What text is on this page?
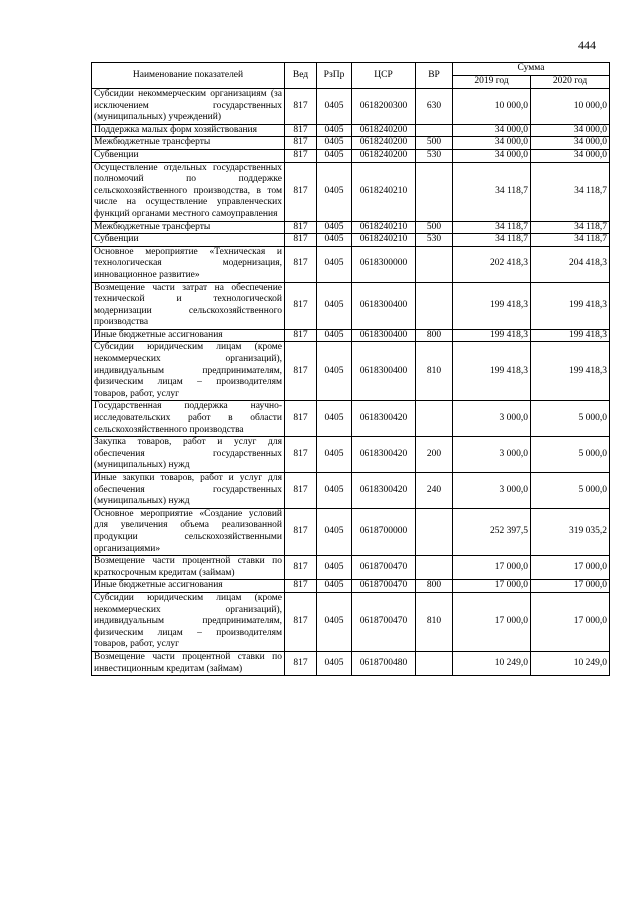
444
Наименование показателей	Вед	РзПр	ЦСР	ВР	Сумма	
					2019 год	2020 год
Субсидии некоммерческим организациям (за исключением государственных (муниципальных) учреждений)	817	0405	0618200300	630	10 000,0	10 000,0
Поддержка малых форм хозяйствования	817	0405	0618240200		34 000,0	34 000,0
Межбюджетные трансферты	817	0405	0618240200	500	34 000,0	34 000,0
Субвенции	817	0405	0618240200	530	34 000,0	34 000,0
Осуществление отдельных государственных полномочий по поддержке сельскохозяйственного производства, в том числе на осуществление управленческих функций органами местного самоуправления	817	0405	0618240210		34 118,7	34 118,7
Межбюджетные трансферты	817	0405	0618240210	500	34 118,7	34 118,7
Субвенции	817	0405	0618240210	530	34 118,7	34 118,7
Основное мероприятие «Техническая и технологическая модернизация, инновационное развитие»	817	0405	0618300000		202 418,3	204 418,3
Возмещение части затрат на обеспечение технической и технологической модернизации сельскохозяйственного производства	817	0405	0618300400		199 418,3	199 418,3
Иные бюджетные ассигнования	817	0405	0618300400	800	199 418,3	199 418,3
Субсидии юридическим лицам (кроме некоммерческих организаций), индивидуальным предпринимателям, физическим лицам – производителям товаров, работ, услуг	817	0405	0618300400	810	199 418,3	199 418,3
Государственная поддержка научно-исследовательских работ в области сельскохозяйственного производства	817	0405	0618300420		3 000,0	5 000,0
Закупка товаров, работ и услуг для обеспечения государственных (муниципальных) нужд	817	0405	0618300420	200	3 000,0	5 000,0
Иные закупки товаров, работ и услуг для обеспечения государственных (муниципальных) нужд	817	0405	0618300420	240	3 000,0	5 000,0
Основное мероприятие «Создание условий для увеличения объема реализованной продукции сельскохозяйственными организациями»	817	0405	0618700000		252 397,5	319 035,2
Возмещение части процентной ставки по краткосрочным кредитам (займам)	817	0405	0618700470		17 000,0	17 000,0
Иные бюджетные ассигнования	817	0405	0618700470	800	17 000,0	17 000,0
Субсидии юридическим лицам (кроме некоммерческих организаций), индивидуальным предпринимателям, физическим лицам – производителям товаров, работ, услуг	817	0405	0618700470	810	17 000,0	17 000,0
Возмещение части процентной ставки по инвестиционным кредитам (займам)	817	0405	0618700480		10 249,0	10 249,0
